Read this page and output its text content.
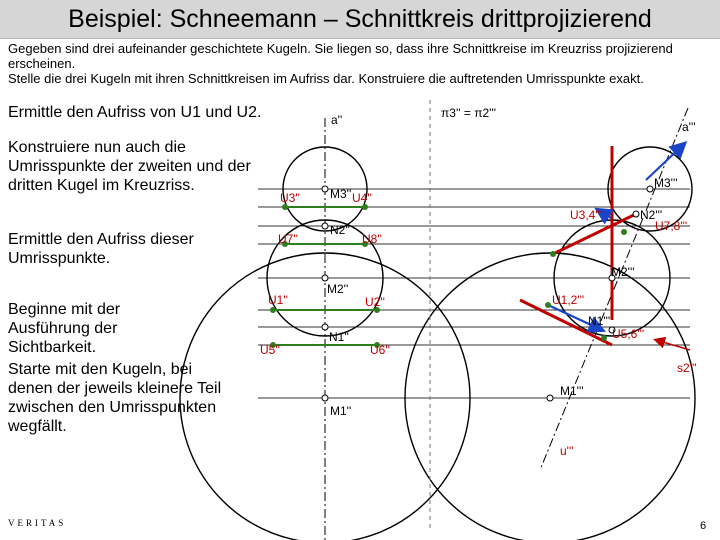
Beispiel: Schneemann – Schnittkreis drittprojizierend

Gegeben sind drei aufeinander geschichtete Kugeln. Sie liegen so, dass ihre Schnittkreise im Kreuzriss projizierend erscheinen.

Stelle die drei Kugeln mit ihren Schnittkreisen im Aufriss dar. Konstruiere die auftretenden Umrisspunkte exakt.

Ermittle den Aufriss von U1 und U2.

Konstruiere nun auch die Umrisspunkte der zweiten und der dritten Kugel im Kreuzriss.

Ermittle den Aufriss dieser Umrisspunkte.

Beginne mit der Ausführung der Sichtbarkeit.

Starte mit den Kugeln, bei denen der jeweils kleinere Teil zwischen den Umrisspunkten wegfällt.

a''	π3'' = π2'''
M3'' U4''
U3''
N2''
U7''	U8''
M2''
U1''	U2''
N1''
U5''	U6''
M1''
a'''
M3'''
U3,4'''	N2'''
U7,8'''
M2'''
U1,2'''
N1'''
U5,6'''
s2'''
M1'''
u'''
VERITAS	6
